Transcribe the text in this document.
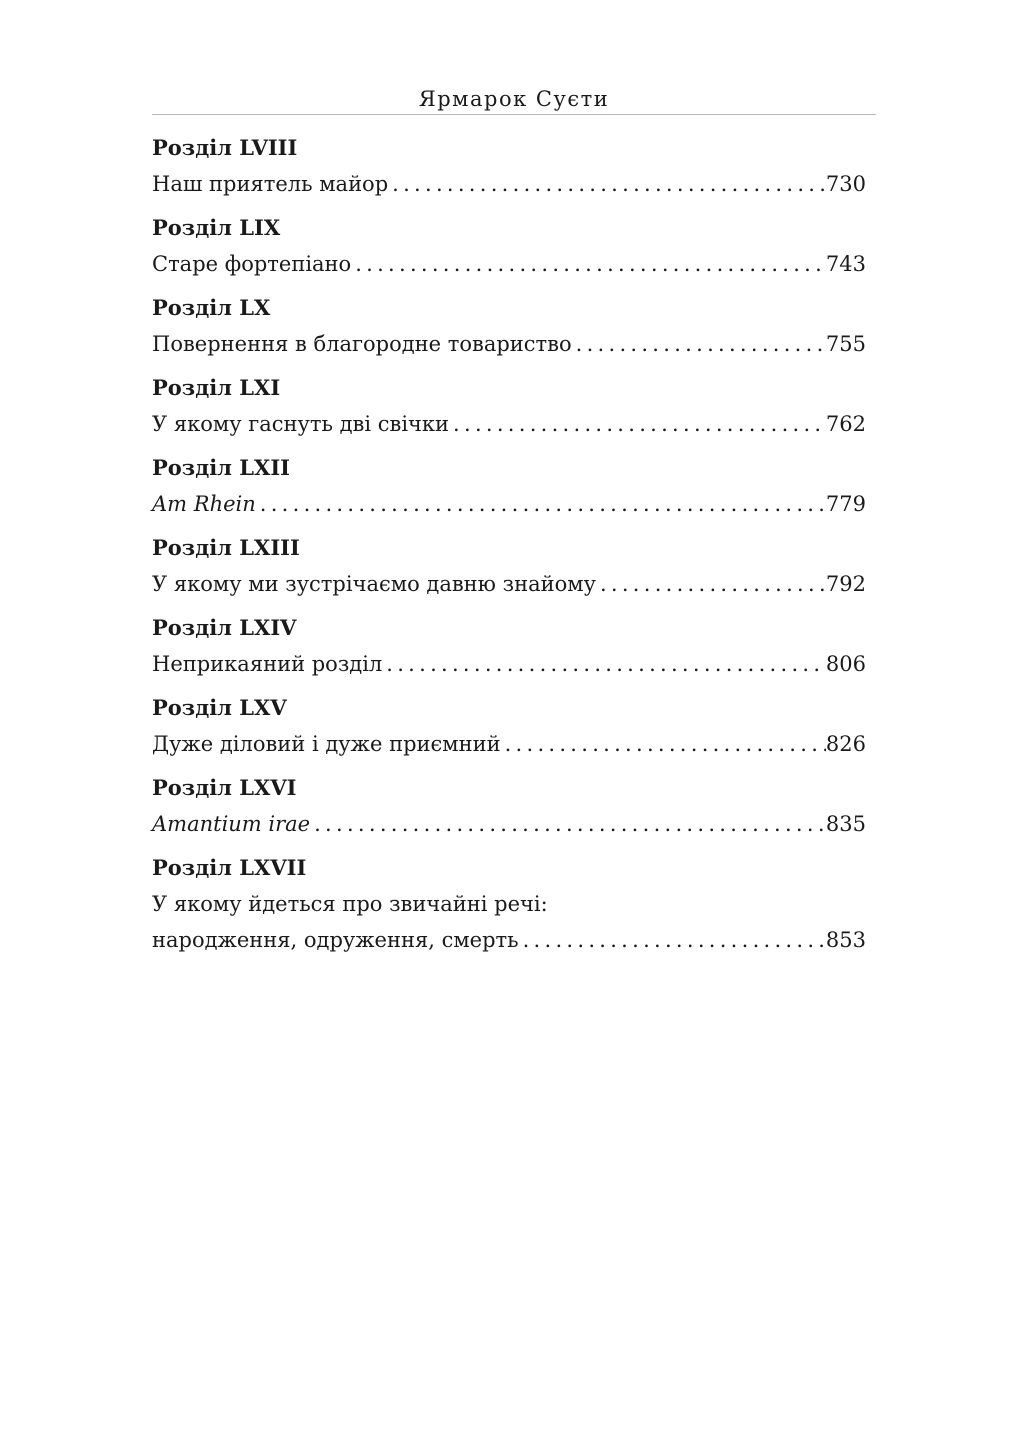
Ярмарок Суєти
Розділ LVIII
Наш приятель майор . . .	730
Розділ LIX
Старе фортепіано . . .	743
Розділ LX
Повернення в благородне товариство . . .	755
Розділ LXI
У якому гаснуть дві свічки . . .	762
Розділ LXII
Am Rhein . . .	779
Розділ LXIII
У якому ми зустрічаємо давню знайому . . .	792
Розділ LXIV
Неприкаяний розділ . . .	806
Розділ LXV
Дуже діловий і дуже приємний . . .	826
Розділ LXVI
Amantium irae . . .	835
Розділ LXVII
У якому йдеться про звичайні речі:
народження, одруження, смерть . . .	853
